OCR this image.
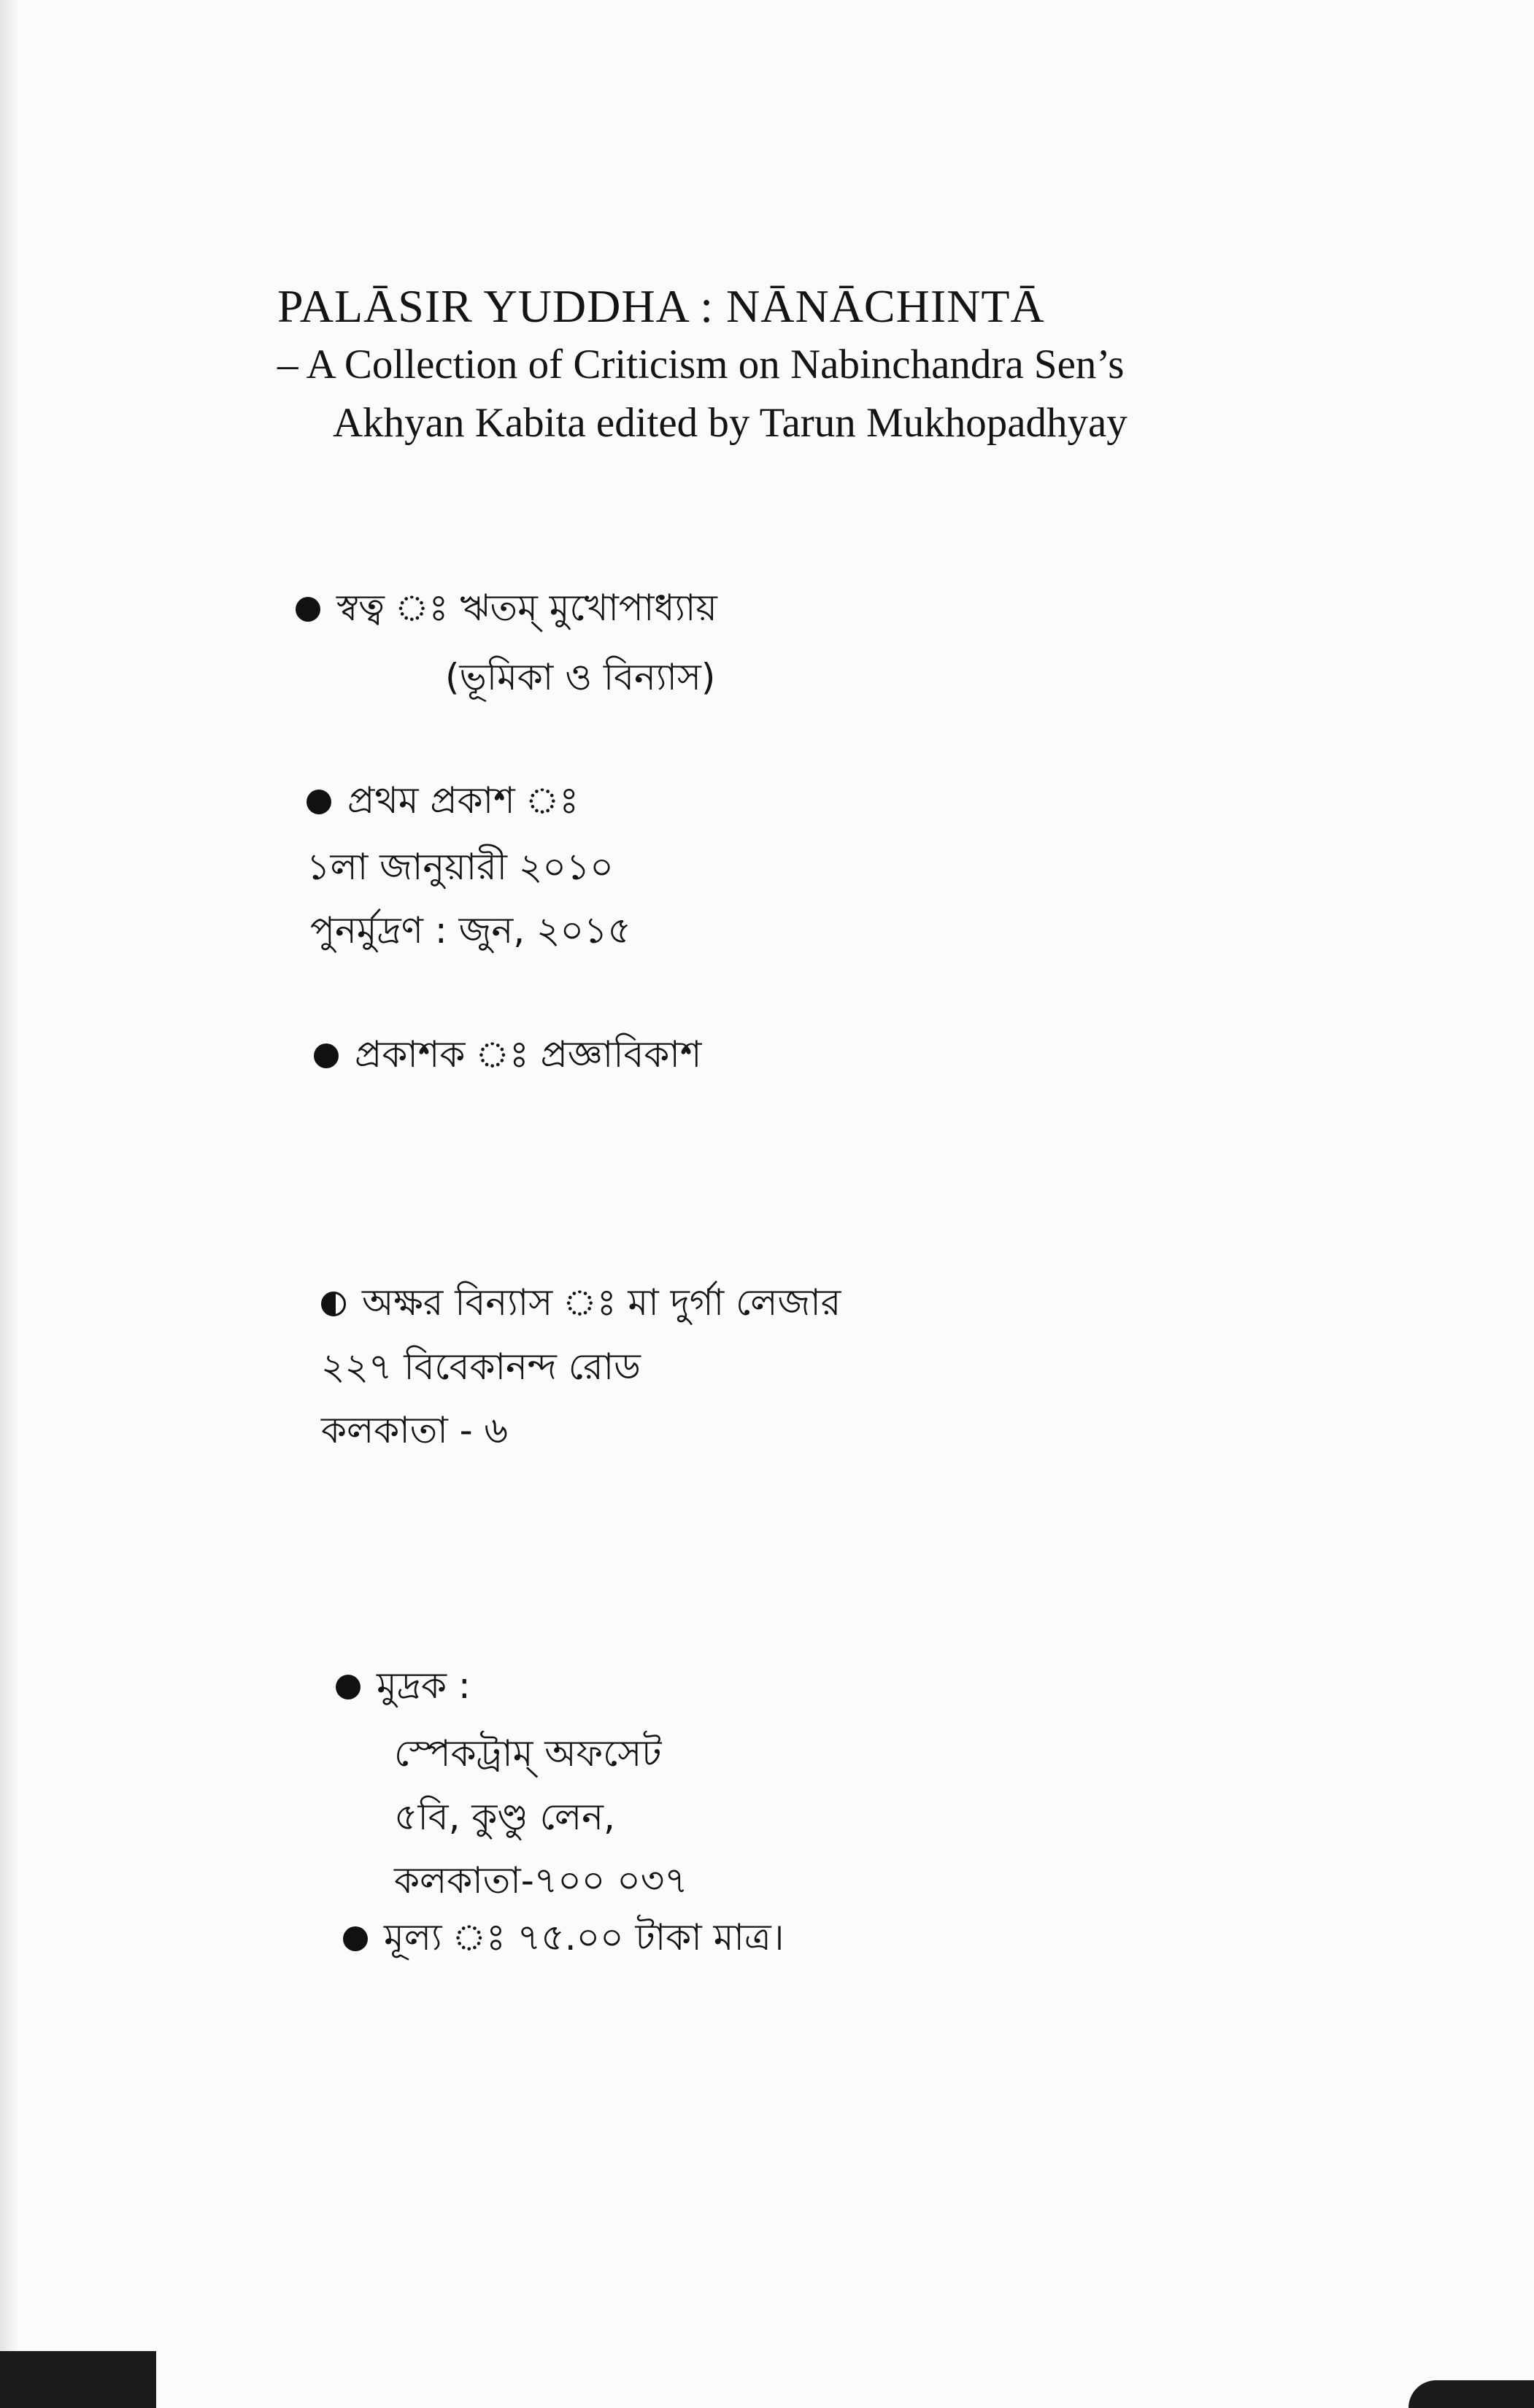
PALĀSIR YUDDHA : NĀNĀCHINTĀ
– A Collection of Criticism on Nabinchandra Sen’s
Akhyan Kabita edited by Tarun Mukhopadhyay
স্বত্ব ঃ ঋতম্ মুখোপাধ্যায়
(ভূমিকা ও বিন্যাস)
প্রথম প্রকাশ ঃ
১লা জানুয়ারী ২০১০
পুনর্মুদ্রণ : জুন, ২০১৫
প্রকাশক ঃ প্রজ্ঞাবিকাশ
অক্ষর বিন্যাস ঃ মা দুর্গা লেজার
২২৭ বিবেকানন্দ রোড
কলকাতা - ৬
মুদ্রক :
স্পেকট্রাম্ অফসেট
৫বি, কুণ্ডু লেন,
কলকাতা-৭০০ ০৩৭
মূল্য ঃ ৭৫.০০ টাকা মাত্র।
